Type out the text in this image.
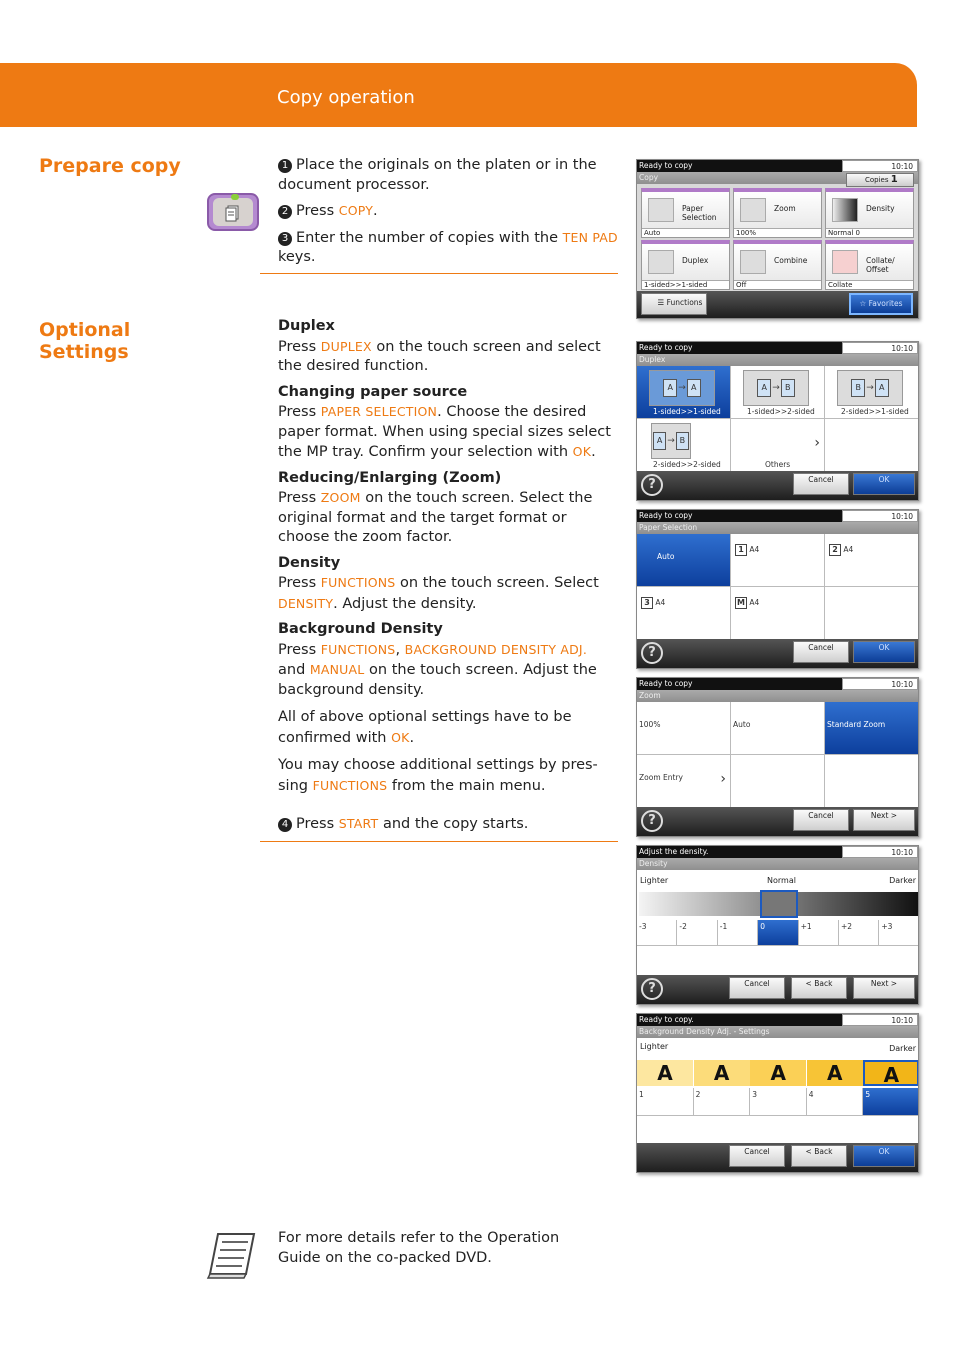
Copy operation
Prepare copy	1 Place the originals on the platen or in the document processor.

2 Press COPY.

3 Enter the number of copies with the TEN PAD keys.

Optional Settings

Duplex
Press DUPLEX on the touch screen and select the desired function.

Changing paper source
Press PAPER SELECTION. Choose the desired paper format. When using special sizes select the MP tray. Confirm your selection with OK.

Reducing/Enlarging (Zoom)
Press ZOOM on the touch screen. Select the original format and the target format or choose the zoom factor.

Density
Press FUNCTIONS on the touch screen. Select DENSITY. Adjust the density.

Background Density
Press FUNCTIONS, BACKGROUND DENSITY ADJ. and MANUAL on the touch screen. Adjust the background density.

All of above optional settings have to be confirmed with OK.

You may choose additional settings by pres-sing FUNCTIONS from the main menu.

4 Press START and the copy starts.
Ready to copy	10:10
Copy	Copies 1
Paper Selection
Auto
Zoom
100%
Density
Normal 0
Duplex
1-sided>>1-sided
Combine
Off
Collate/ Offset
Collate
☰ Functions	☆ Favorites
Ready to copy	10:10
Duplex
A → A
1-sided>>1-sided
A → B
1-sided>>2-sided
B → A
2-sided>>1-sided
A → B
2-sided>>2-sided	Others
›
?	Cancel	OK
Ready to copy	10:10
Paper Selection
Auto
1 A4	2 A4
3 A4	M A4
?	Cancel	OK
Ready to copy	10:10
Zoom
100%	Auto	Standard Zoom
Zoom Entry	›
?	Cancel	Next >
Adjust the density.	10:10
Density
Lighter	Normal	Darker
-3	-2	-1	0	+1	+2	+3
?	Cancel	< Back	Next >
Ready to copy.	10:10
Background Density Adj. - Settings
Lighter	Darker
A	A	A	A	A
1	2	3	4	5
Cancel	< Back	OK
For more details refer to the Operation Guide on the co-packed DVD.
